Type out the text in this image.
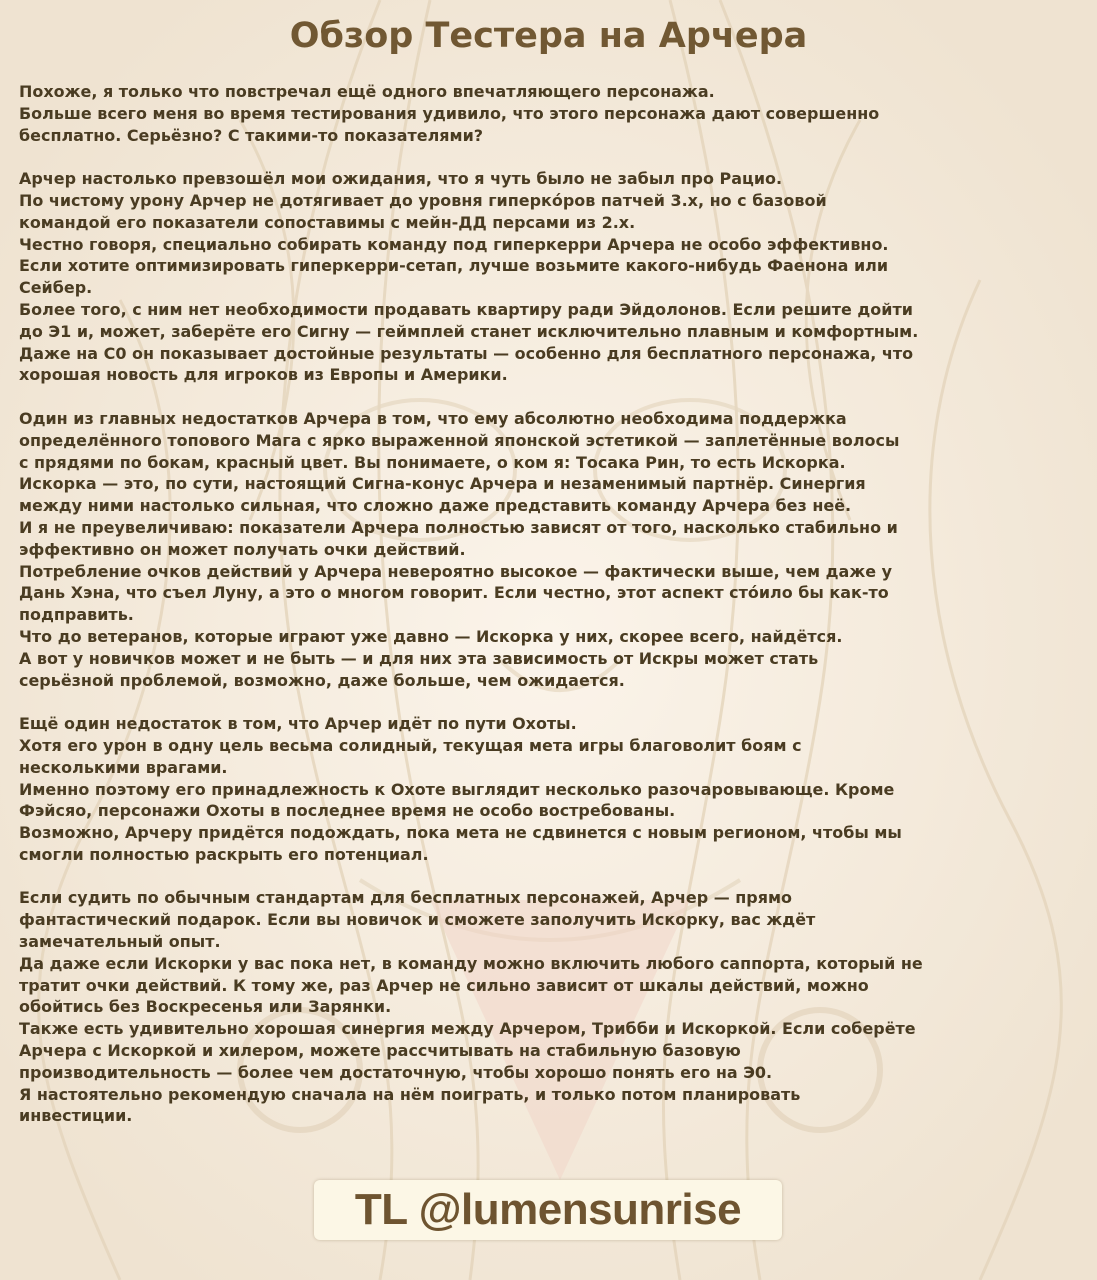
Обзор Тестера на Арчера

Похоже, я только что повстречал ещё одного впечатляющего персонажа.
Больше всего меня во время тестирования удивило, что этого персонажа дают совершенно
бесплатно. Серьёзно? С такими-то показателями?

Арчер настолько превзошёл мои ожидания, что я чуть было не забыл про Рацио.
По чистому урону Арчер не дотягивает до уровня гиперко́ров патчей 3.x, но с базовой
командой его показатели сопоставимы с мейн-ДД персами из 2.x.
Честно говоря, специально собирать команду под гиперкерри Арчера не особо эффективно.
Если хотите оптимизировать гиперкерри-сетап, лучше возьмите какого-нибудь Фаенона или
Сейбер.
Более того, с ним нет необходимости продавать квартиру ради Эйдолонов. Если решите дойти
до Э1 и, может, заберёте его Сигну — геймплей станет исключительно плавным и комфортным.
Даже на С0 он показывает достойные результаты — особенно для бесплатного персонажа, что
хорошая новость для игроков из Европы и Америки.

Один из главных недостатков Арчера в том, что ему абсолютно необходима поддержка
определённого топового Мага с ярко выраженной японской эстетикой — заплетённые волосы
с прядями по бокам, красный цвет. Вы понимаете, о ком я: Тосака Рин, то есть Искорка.
Искорка — это, по сути, настоящий Сигна-конус Арчера и незаменимый партнёр. Синергия
между ними настолько сильная, что сложно даже представить команду Арчера без неё.
И я не преувеличиваю: показатели Арчера полностью зависят от того, насколько стабильно и
эффективно он может получать очки действий.
Потребление очков действий у Арчера невероятно высокое — фактически выше, чем даже у
Дань Хэна, что съел Луну, а это о многом говорит. Если честно, этот аспект сто́ило бы как-то
подправить.
Что до ветеранов, которые играют уже давно — Искорка у них, скорее всего, найдётся.
А вот у новичков может и не быть — и для них эта зависимость от Искры может стать
серьёзной проблемой, возможно, даже больше, чем ожидается.

Ещё один недостаток в том, что Арчер идёт по пути Охоты.
Хотя его урон в одну цель весьма солидный, текущая мета игры благоволит боям с
несколькими врагами.
Именно поэтому его принадлежность к Охоте выглядит несколько разочаровывающе. Кроме
Фэйсяо, персонажи Охоты в последнее время не особо востребованы.
Возможно, Арчеру придётся подождать, пока мета не сдвинется с новым регионом, чтобы мы
смогли полностью раскрыть его потенциал.

Если судить по обычным стандартам для бесплатных персонажей, Арчер — прямо
фантастический подарок. Если вы новичок и сможете заполучить Искорку, вас ждёт
замечательный опыт.
Да даже если Искорки у вас пока нет, в команду можно включить любого саппорта, который не
тратит очки действий. К тому же, раз Арчер не сильно зависит от шкалы действий, можно
обойтись без Воскресенья или Зарянки.
Также есть удивительно хорошая синергия между Арчером, Трибби и Искоркой. Если соберёте
Арчера с Искоркой и хилером, можете рассчитывать на стабильную базовую
производительность — более чем достаточную, чтобы хорошо понять его на Э0.
Я настоятельно рекомендую сначала на нём поиграть, и только потом планировать
инвестиции.

TL @lumensunrise
